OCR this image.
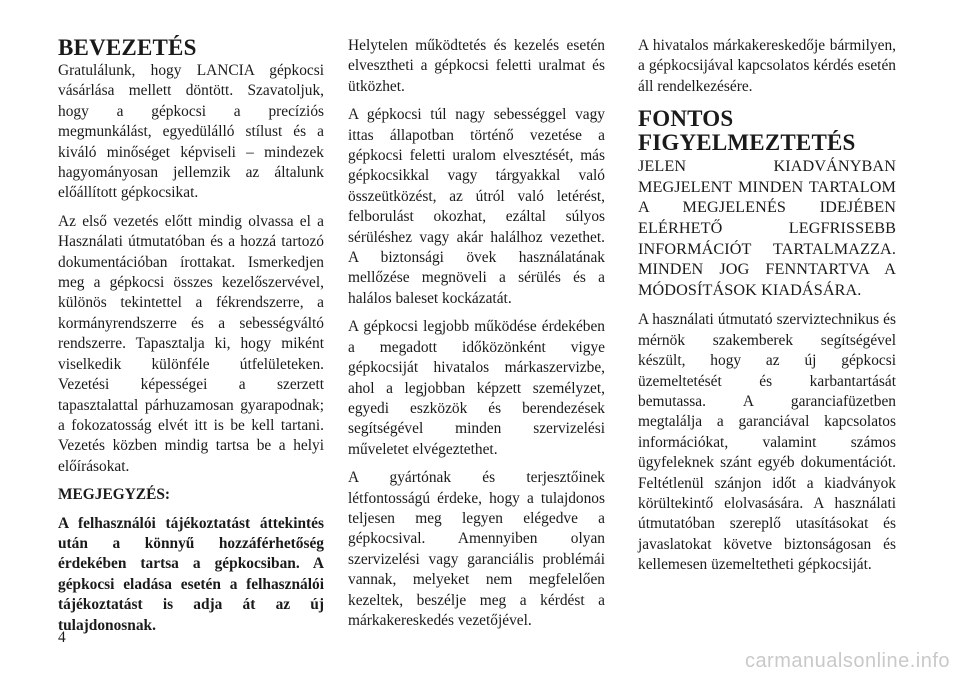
BEVEZETÉS

Gratulálunk, hogy LANCIA gépkocsi vásárlása mellett döntött. Szavatoljuk, hogy a gépkocsi a precíziós megmunkálást, egyedülálló stílust és a kiváló minőséget képviseli – mindezek hagyományosan jellemzik az általunk előállított gépkocsikat.

Az első vezetés előtt mindig olvassa el a Használati útmutatóban és a hozzá tartozó dokumentációban írottakat. Ismerkedjen meg a gépkocsi összes kezelőszervével, különös tekintettel a fékrendszerre, a kormányrendszerre és a sebességváltó rendszerre. Tapasztalja ki, hogy miként viselkedik különféle útfelületeken. Vezetési képességei a szerzett tapasztalattal párhuzamosan gyarapodnak; a fokozatosság elvét itt is be kell tartani. Vezetés közben mindig tartsa be a helyi előírásokat.

MEGJEGYZÉS:

A felhasználói tájékoztatást áttekintés után a könnyű hozzáférhetőség érdekében tartsa a gépkocsiban. A gépkocsi eladása esetén a felhasználói tájékoztatást is adja át az új tulajdonosnak.

Helytelen működtetés és kezelés esetén elvesztheti a gépkocsi feletti uralmat és ütközhet.

A gépkocsi túl nagy sebességgel vagy ittas állapotban történő vezetése a gépkocsi feletti uralom elvesztését, más gépkocsikkal vagy tárgyakkal való összeütközést, az útról való letérést, felborulást okozhat, ezáltal súlyos sérüléshez vagy akár halálhoz vezethet. A biztonsági övek használatának mellőzése megnöveli a sérülés és a halálos baleset kockázatát.

A gépkocsi legjobb működése érdekében a megadott időközönként vigye gépkocsiját hivatalos márkaszervizbe, ahol a legjobban képzett személyzet, egyedi eszközök és berendezések segítségével minden szervizelési műveletet elvégeztethet.

A gyártónak és terjesztőinek létfontosságú érdeke, hogy a tulajdonos teljesen meg legyen elégedve a gépkocsival. Amennyiben olyan szervizelési vagy garanciális problémái vannak, melyeket nem megfelelően kezeltek, beszélje meg a kérdést a márkakereskedés vezetőjével.

A hivatalos márkakereskedője bármilyen, a gépkocsijával kapcsolatos kérdés esetén áll rendelkezésére.

FONTOS FIGYELMEZTETÉS
JELEN KIADVÁNYBAN MEGJELENT MINDEN TARTALOM A MEGJELENÉS IDEJÉBEN ELÉRHETŐ LEGFRISSEBB INFORMÁCIÓT TARTALMAZZA. MINDEN JOG FENNTARTVA A MÓDOSÍTÁSOK KIADÁSÁRA.

A használati útmutató szerviztechnikus és mérnök szakemberek segítségével készült, hogy az új gépkocsi üzemeltetését és karbantartását bemutassa. A garanciafüzetben megtalálja a garanciával kapcsolatos információkat, valamint számos ügyfeleknek szánt egyéb dokumentációt. Feltétlenül szánjon időt a kiadványok körültekintő elolvasására. A használati útmutatóban szereplő utasításokat és javaslatokat követve biztonságosan és kellemesen üzemeltetheti gépkocsiját.

4
carmanualsonline.info
